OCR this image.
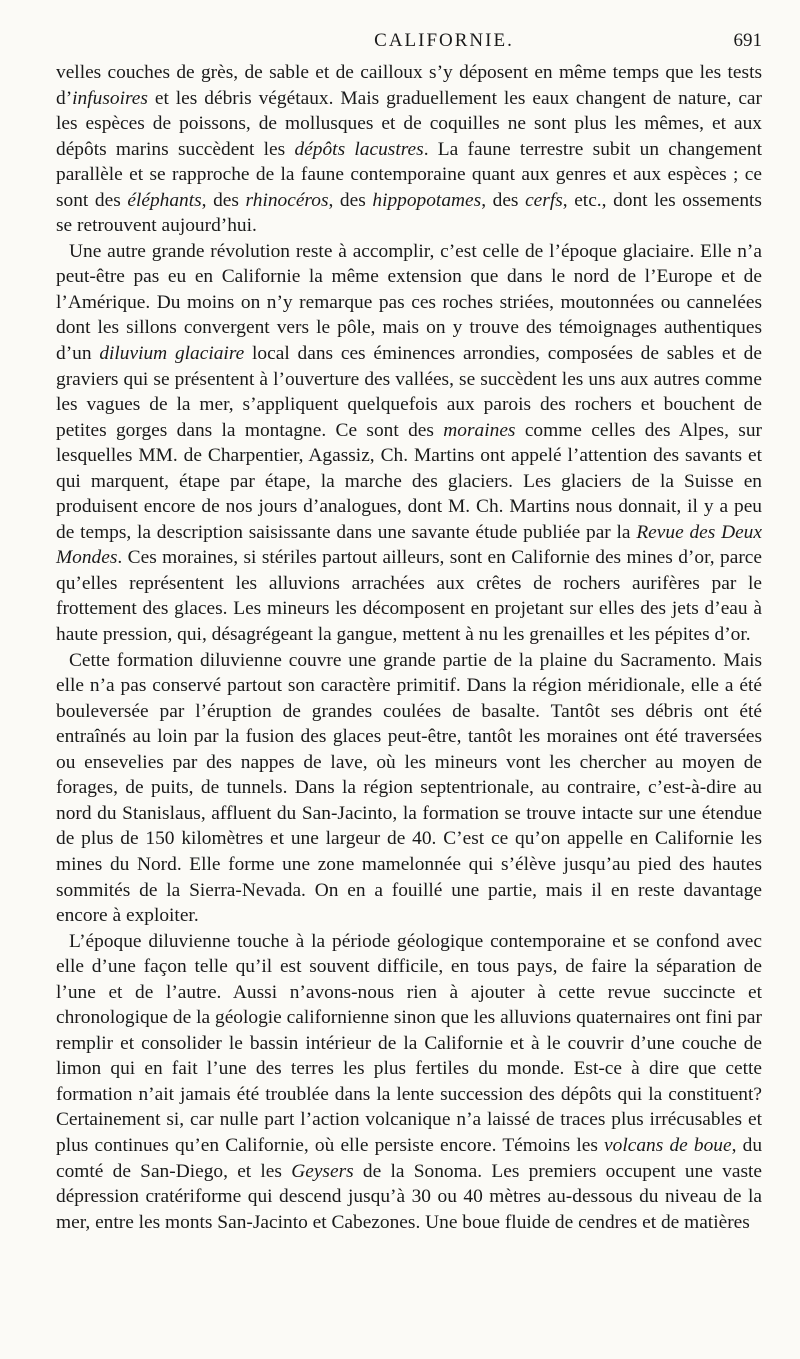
CALIFORNIE.	691

velles couches de grès, de sable et de cailloux s’y déposent en même temps que les tests d’infusoires et les débris végétaux. Mais graduellement les eaux changent de nature, car les espèces de poissons, de mollusques et de coquilles ne sont plus les mêmes, et aux dépôts marins succèdent les dépôts lacustres. La faune terrestre subit un changement parallèle et se rapproche de la faune contemporaine quant aux genres et aux espèces ; ce sont des éléphants, des rhinocéros, des hippopotames, des cerfs, etc., dont les ossements se retrouvent aujourd’hui.

Une autre grande révolution reste à accomplir, c’est celle de l’époque glaciaire. Elle n’a peut-être pas eu en Californie la même extension que dans le nord de l’Europe et de l’Amérique. Du moins on n’y remarque pas ces roches striées, moutonnées ou cannelées dont les sillons convergent vers le pôle, mais on y trouve des témoignages authentiques d’un diluvium glaciaire local dans ces éminences arrondies, composées de sables et de graviers qui se présentent à l’ouverture des vallées, se succèdent les uns aux autres comme les vagues de la mer, s’appliquent quelquefois aux parois des rochers et bouchent de petites gorges dans la montagne. Ce sont des moraines comme celles des Alpes, sur lesquelles MM. de Charpentier, Agassiz, Ch. Martins ont appelé l’attention des savants et qui marquent, étape par étape, la marche des glaciers. Les glaciers de la Suisse en produisent encore de nos jours d’analogues, dont M. Ch. Martins nous donnait, il y a peu de temps, la description saisissante dans une savante étude publiée par la Revue des Deux Mondes. Ces moraines, si stériles partout ailleurs, sont en Californie des mines d’or, parce qu’elles représentent les alluvions arrachées aux crêtes de rochers aurifères par le frottement des glaces. Les mineurs les décomposent en projetant sur elles des jets d’eau à haute pression, qui, désagrégeant la gangue, mettent à nu les grenailles et les pépites d’or.

Cette formation diluvienne couvre une grande partie de la plaine du Sacramento. Mais elle n’a pas conservé partout son caractère primitif. Dans la région méridionale, elle a été bouleversée par l’éruption de grandes coulées de basalte. Tantôt ses débris ont été entraînés au loin par la fusion des glaces peut-être, tantôt les moraines ont été traversées ou ensevelies par des nappes de lave, où les mineurs vont les chercher au moyen de forages, de puits, de tunnels. Dans la région septentrionale, au contraire, c’est-à-dire au nord du Stanislaus, affluent du San-Jacinto, la formation se trouve intacte sur une étendue de plus de 150 kilomètres et une largeur de 40. C’est ce qu’on appelle en Californie les mines du Nord. Elle forme une zone mamelonnée qui s’élève jusqu’au pied des hautes sommités de la Sierra-Nevada. On en a fouillé une partie, mais il en reste davantage encore à exploiter.

L’époque diluvienne touche à la période géologique contemporaine et se confond avec elle d’une façon telle qu’il est souvent difficile, en tous pays, de faire la séparation de l’une et de l’autre. Aussi n’avons-nous rien à ajouter à cette revue succincte et chronologique de la géologie californienne sinon que les alluvions quaternaires ont fini par remplir et consolider le bassin intérieur de la Californie et à le couvrir d’une couche de limon qui en fait l’une des terres les plus fertiles du monde. Est-ce à dire que cette formation n’ait jamais été troublée dans la lente succession des dépôts qui la constituent? Certainement si, car nulle part l’action volcanique n’a laissé de traces plus irrécusables et plus continues qu’en Californie, où elle persiste encore. Témoins les volcans de boue, du comté de San-Diego, et les Geysers de la Sonoma. Les premiers occupent une vaste dépression cratériforme qui descend jusqu’à 30 ou 40 mètres au-dessous du niveau de la mer, entre les monts San-Jacinto et Cabezones. Une boue fluide de cendres et de matières
